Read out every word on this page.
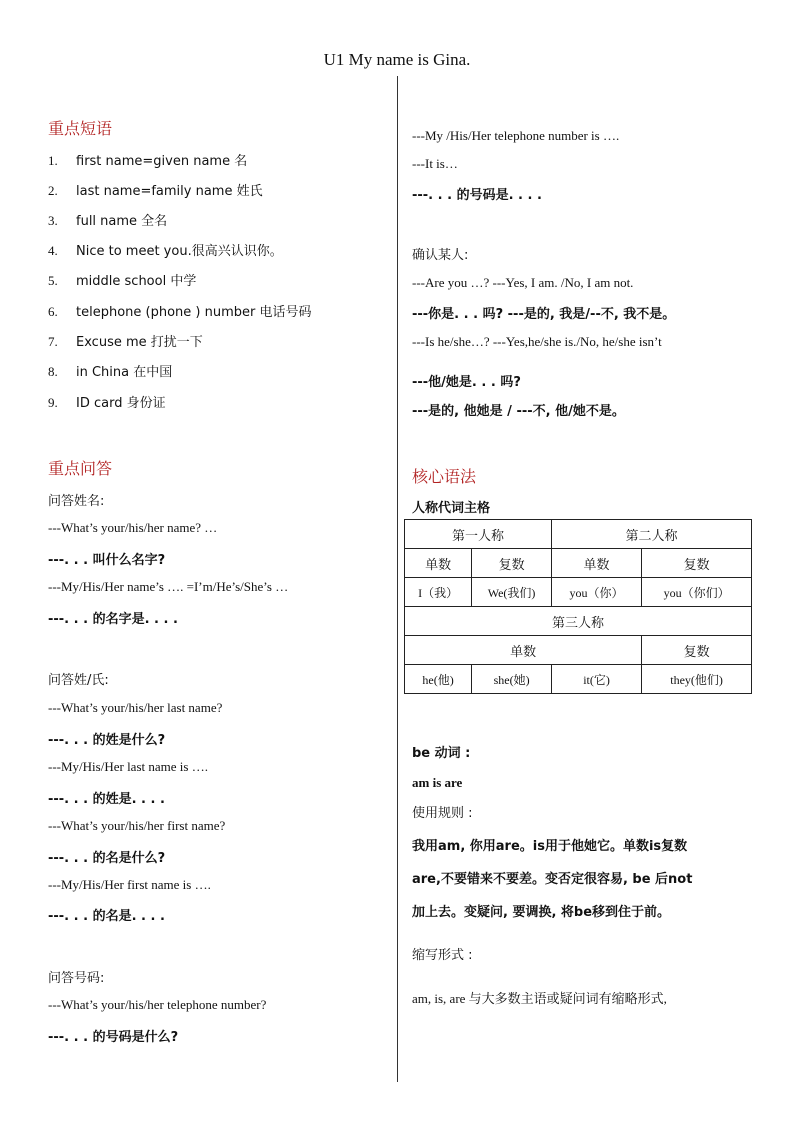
U1 My name is Gina.
重点短语
1. first name=given name 名
2. last name=family name 姓氏
3. full name 全名
4. Nice to meet you.很高兴认识你。
5. middle school 中学
6. telephone (phone ) number 电话号码
7. Excuse me 打扰一下
8. in China 在中国
9. ID card 身份证
重点问答
问答姓名:
---What’s your/his/her name? …
---. . . 叫什么名字?
---My/His/Her name’s …. =I’m/He’s/She’s …
---. . . 的名字是. . . .
问答姓/氏:
---What’s your/his/her last name?
---. . . 的姓是什么?
---My/His/Her last name is ….
---. . . 的姓是. . . .
---What’s your/his/her first name?
---. . . 的名是什么?
---My/His/Her first name is ….
---. . . 的名是. . . .
问答号码:
---What’s your/his/her telephone number?
---. . . 的号码是什么?
---My /His/Her telephone number is ….
---It is…
---. . . 的号码是. . . .
确认某人:
---Are you …? ---Yes, I am. /No, I am not.
---你是. . . 吗? ---是的, 我是/--不, 我不是。
---Is he/she…? ---Yes,he/she is./No, he/she isn’t
---他/她是. . . 吗?
---是的, 他她是 / ---不, 他/她不是。
核心语法
人称代词主格
第一人称		第二人称	
单数	复数	单数	复数
I（我）	We(我们)	you（你）	you（你们）
第三人称			
单数			复数
he(他)	she(她)	it(它)	they(他们)
be 动词 :
am is are
使用规则 :
我用am, 你用are。is用于他她它。单数is复数
are,不要错来不要差。变否定很容易, be 后not
加上去。变疑问, 要调换, 将be移到住于前。
缩写形式 :
am, is, are 与大多数主语或疑问词有缩略形式,
